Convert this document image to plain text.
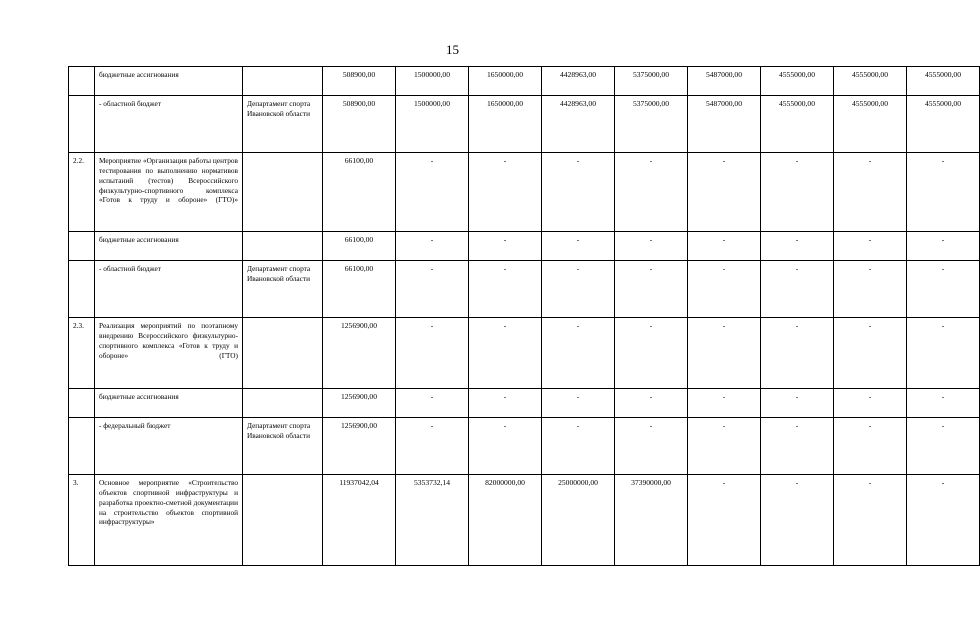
15
	бюджетные ассигнования		508900,00	1500000,00	1650000,00	4428963,00	5375000,00	5487000,00	4555000,00	4555000,00	4555000,00
	- областной бюджет	Департамент спорта Ивановской области	508900,00	1500000,00	1650000,00	4428963,00	5375000,00	5487000,00	4555000,00	4555000,00	4555000,00
2.2.	Мероприятие «Организация работы центров тестирования по выполнению нормативов испытаний (тестов) Всероссийского физкультурно-спортивного комплекса «Готов к труду и обороне» (ГТО)»		66100,00	-	-	-	-	-	-	-	-
	бюджетные ассигнования		66100,00	-	-	-	-	-	-	-	-
	- областной бюджет	Департамент спорта Ивановской области	66100,00	-	-	-	-	-	-	-	-
2.3.	Реализация мероприятий по поэтапному внедрению Всероссийского физкультурно-спортивного комплекса «Готов к труду и обороне» (ГТО)		1256900,00	-	-	-	-	-	-	-	-
	бюджетные ассигнования		1256900,00	-	-	-	-	-	-	-	-
	- федеральный бюджет	Департамент спорта Ивановской области	1256900,00	-	-	-	-	-	-	-	-
3.	Основное мероприятие «Строительство объектов спортивной инфраструктуры и разработка проектно-сметной документации на строительство объектов спортивной инфраструктуры»		11937042,04	5353732,14	82000000,00	25000000,00	37390000,00	-	-	-	-
